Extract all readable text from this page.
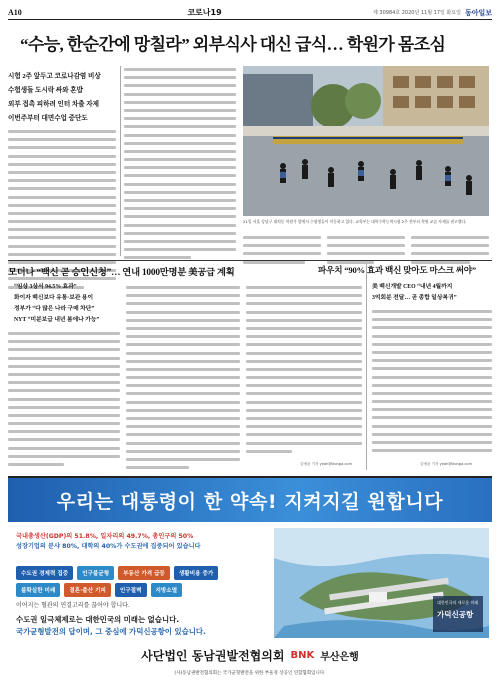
A10	코로나19	제 30984호 2020년 11월 17일 화요일 동아일보
“수능, 한순간에 망칠라” 외부식사 대신 급식… 학원가 몸조심
시험 2주 앞두고 코로나감염 비상
수험생들 도시락 싸와 혼밥
외부 접촉 피하려 인터 차출 자제
이번주부터 대면수업 중단도
21일 서울 강남구 대치동 학원가 앞에서 수험생들이 이동하고 있다. 교육부는 대학수학능력시험 2주 전부터 학원 교습 자제를 권고했다.
모더나 “백신 곧 승인신청”… 연내 1000만명분 美공급 계획
“임상 3상서 94.5% 효과”
화이자 백신보다 유통·보관 용이
정부가 “다 많은 나라 구매 차단”
NYT “미분보급 내년 봄에나 가능”
김예윤 기자 yeah@donga.com
파우치 “90% 효과 백신 맞아도 마스크 써야”
美 백신개발 CEO “내년 4월까지
3억회분 전달… 곧 종합 일상복귀”
김예윤 기자 yeah@donga.com
우리는 대통령이 한 약속! 지켜지길 원합니다
국내총생산(GDP)의 51.8%, 일자리의 49.7%, 총인구의 50%
성장기업의 분샤 80%, 대학의 40%가 수도권에 집중되어 있습니다
수도권 경제력 집중	인구불균형	부동산 가격 급등	생활비용 증가
불확실한 미래	결혼·출산 기피	인구절벽	지방소멸
이어지는 혈관의 연결고리를 끊어야 합니다.
수도권 일극체제로는 대한민국의 미래는 없습니다.
국가균형발전의 답이며, 그 중심에 가덕신공항이 있습니다.
대한민국의 새로운 미래
가덕신공항
사단법인 동남권발전협의회 BNK 부산은행
(사)동남권발전협의회는 국가균형발전을 위한 부울경 상공인 연합협회입니다.
